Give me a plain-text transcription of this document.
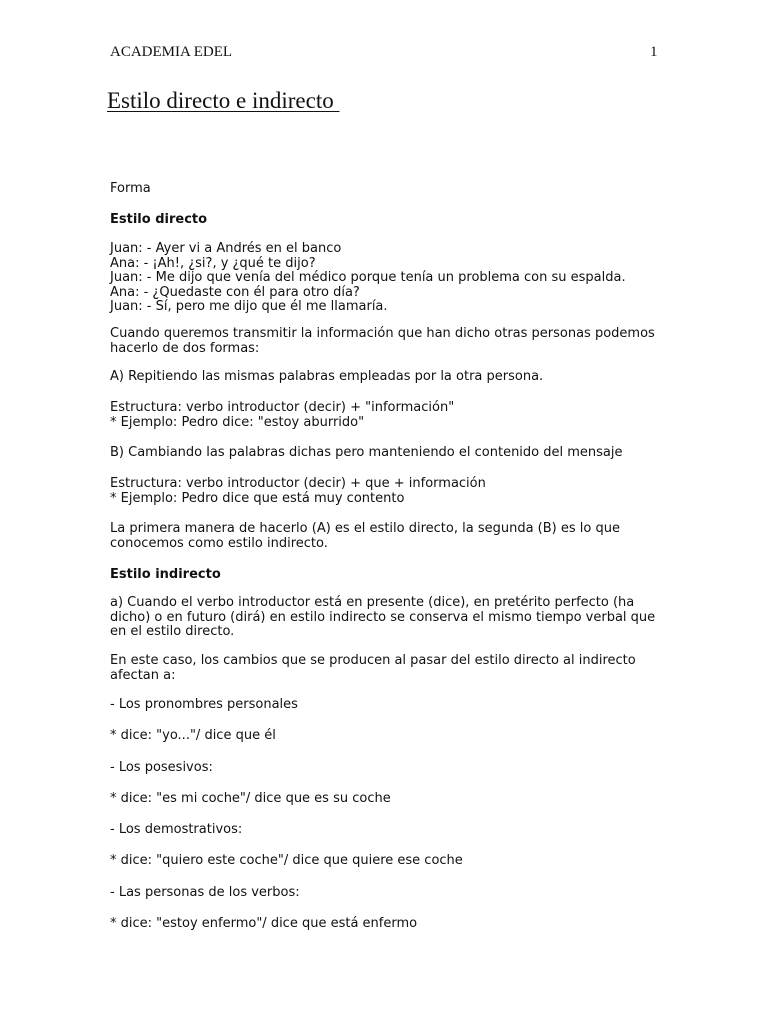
ACADEMIA EDEL	1
Estilo directo e indirecto
Forma
Estilo directo
Juan: - Ayer vi a Andrés en el banco
Ana: - ¡Ah!, ¿si?, y ¿qué te dijo?
Juan: - Me dijo que venía del médico porque tenía un problema con su espalda.
Ana: - ¿Quedaste con él para otro día?
Juan: - Sí, pero me dijo que él me llamaría.
Cuando queremos transmitir la información que han dicho otras personas podemos
hacerlo de dos formas:
A) Repitiendo las mismas palabras empleadas por la otra persona.
Estructura: verbo introductor (decir) + "información"
* Ejemplo: Pedro dice: "estoy aburrido"
B) Cambiando las palabras dichas pero manteniendo el contenido del mensaje
Estructura: verbo introductor (decir) + que + información
* Ejemplo: Pedro dice que está muy contento
La primera manera de hacerlo (A) es el estilo directo, la segunda (B) es lo que
conocemos como estilo indirecto.
Estilo indirecto
a) Cuando el verbo introductor está en presente (dice), en pretérito perfecto (ha
dicho) o en futuro (dirá) en estilo indirecto se conserva el mismo tiempo verbal que
en el estilo directo.
En este caso, los cambios que se producen al pasar del estilo directo al indirecto
afectan a:
- Los pronombres personales
* dice: "yo..."/ dice que él
- Los posesivos:
* dice: "es mi coche"/ dice que es su coche
- Los demostrativos:
* dice: "quiero este coche"/ dice que quiere ese coche
- Las personas de los verbos:
* dice: "estoy enfermo"/ dice que está enfermo
